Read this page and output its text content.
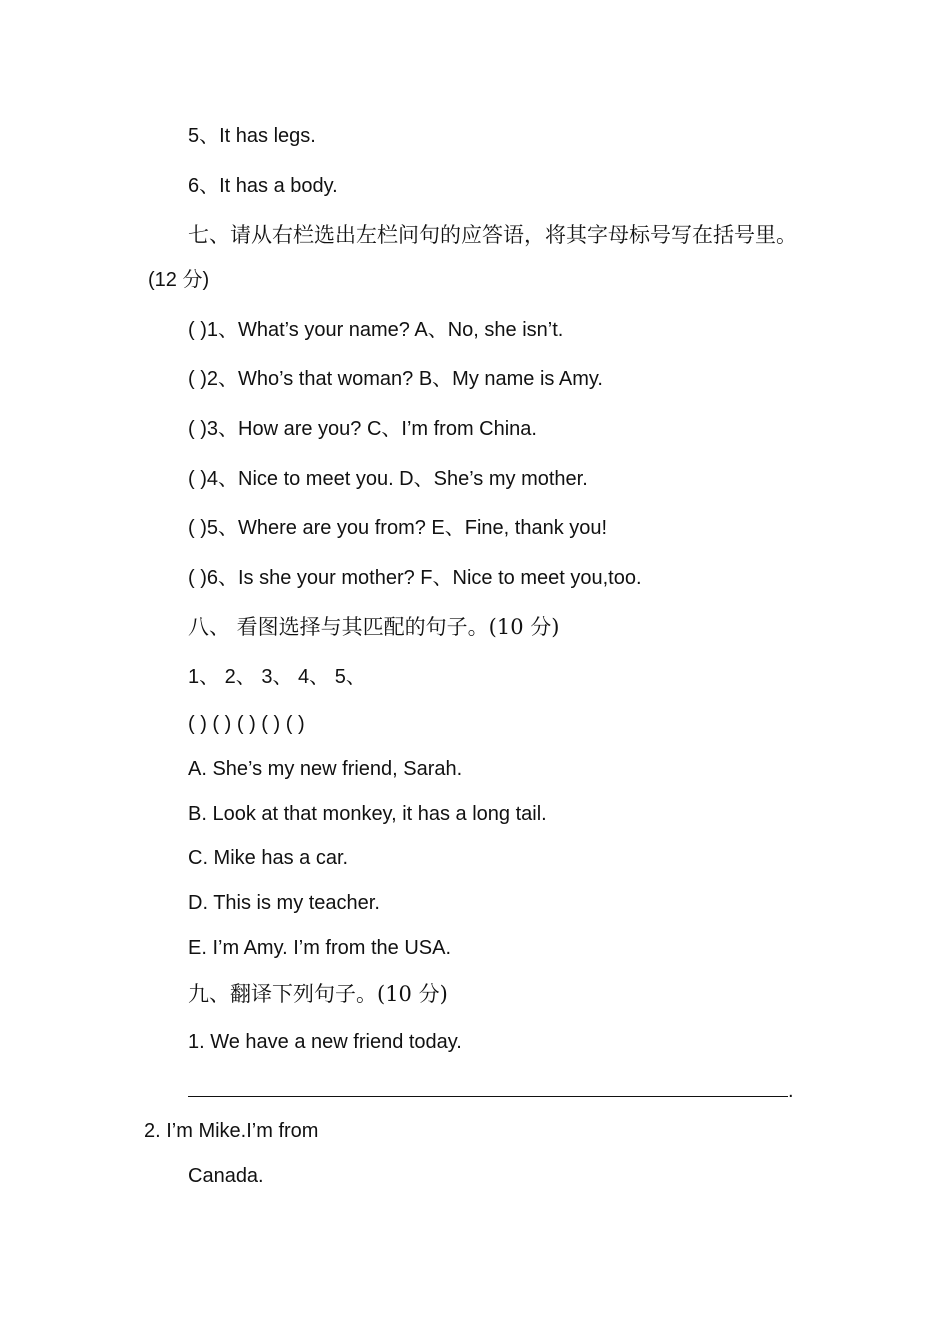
5、It has legs.
6、It has a body.
七、请从右栏选出左栏问句的应答语，将其字母标号写在括号里。
(12 分)
( )1、What’s your name? A、No, she isn’t.
( )2、Who’s that woman? B、My name is Amy.
( )3、How are you? C、I’m from China.
( )4、Nice to meet you. D、She’s my mother.
( )5、Where are you from? E、Fine, thank you!
( )6、Is she your mother? F、Nice to meet you,too.
八、 看图选择与其匹配的句子。(10 分)
1、 2、 3、 4、 5、
( ) ( ) ( ) ( ) ( )
A. She’s my new friend, Sarah.
B. Look at that monkey, it has a long tail.
C. Mike has a car.
D. This is my teacher.
E. I’m Amy. I’m from the USA.
九、翻译下列句子。(10 分)
1. We have a new friend today.
.
2. I’m Mike.I’m from
Canada.
